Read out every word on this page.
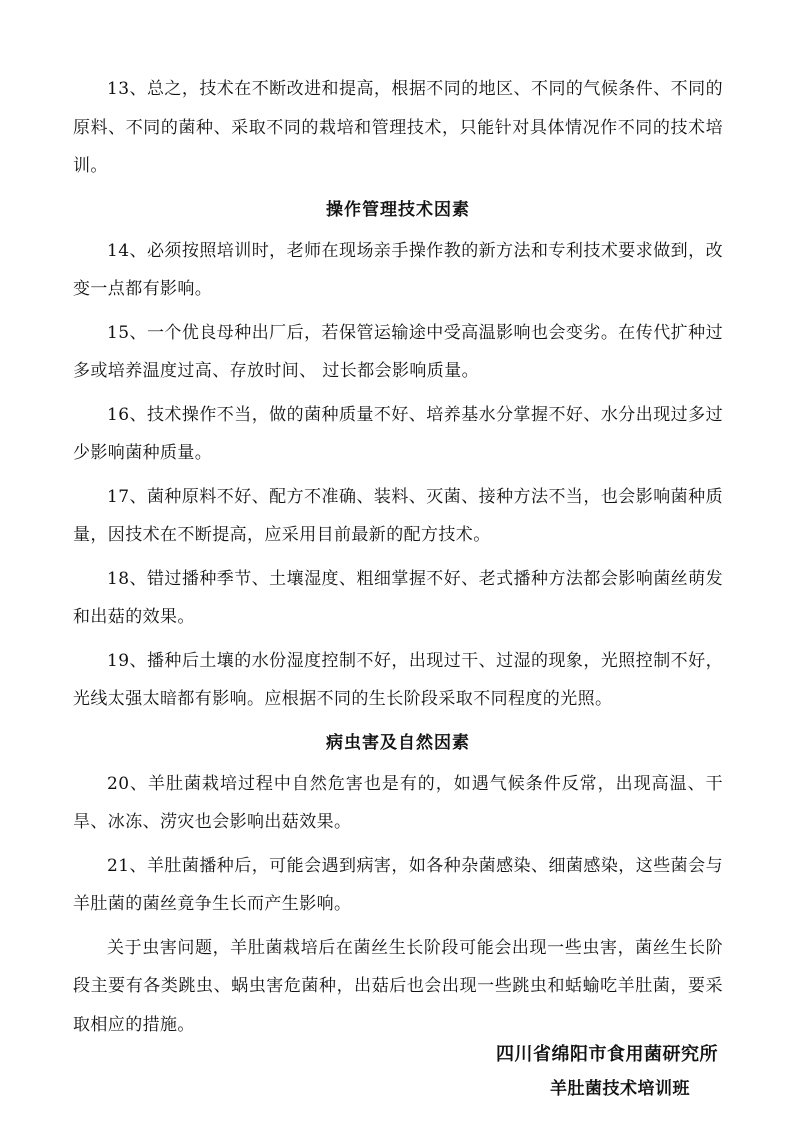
13、总之，技术在不断改进和提高，根据不同的地区、不同的气候条件、不同的原料、不同的菌种、采取不同的栽培和管理技术，只能针对具体情况作不同的技术培训。

操作管理技术因素

14、必须按照培训时，老师在现场亲手操作教的新方法和专利技术要求做到，改变一点都有影响。

15、一个优良母种出厂后，若保管运输途中受高温影响也会变劣。在传代扩种过多或培养温度过高、存放时间、 过长都会影响质量。

16、技术操作不当，做的菌种质量不好、培养基水分掌握不好、水分出现过多过少影响菌种质量。

17、菌种原料不好、配方不准确、装料、灭菌、接种方法不当，也会影响菌种质量，因技术在不断提高，应采用目前最新的配方技术。

18、错过播种季节、土壤湿度、粗细掌握不好、老式播种方法都会影响菌丝萌发和出菇的效果。

19、播种后土壤的水份湿度控制不好，出现过干、过湿的现象，光照控制不好，光线太强太暗都有影响。应根据不同的生长阶段采取不同程度的光照。

病虫害及自然因素

20、羊肚菌栽培过程中自然危害也是有的，如遇气候条件反常，出现高温、干旱、冰冻、涝灾也会影响出菇效果。

21、羊肚菌播种后，可能会遇到病害，如各种杂菌感染、细菌感染，这些菌会与羊肚菌的菌丝竟争生长而产生影响。

关于虫害问题，羊肚菌栽培后在菌丝生长阶段可能会出现一些虫害，菌丝生长阶段主要有各类跳虫、蜗虫害危菌种，出菇后也会出现一些跳虫和蛞蝓吃羊肚菌，要采取相应的措施。

四川省绵阳市食用菌研究所
羊肚菌技术培训班
